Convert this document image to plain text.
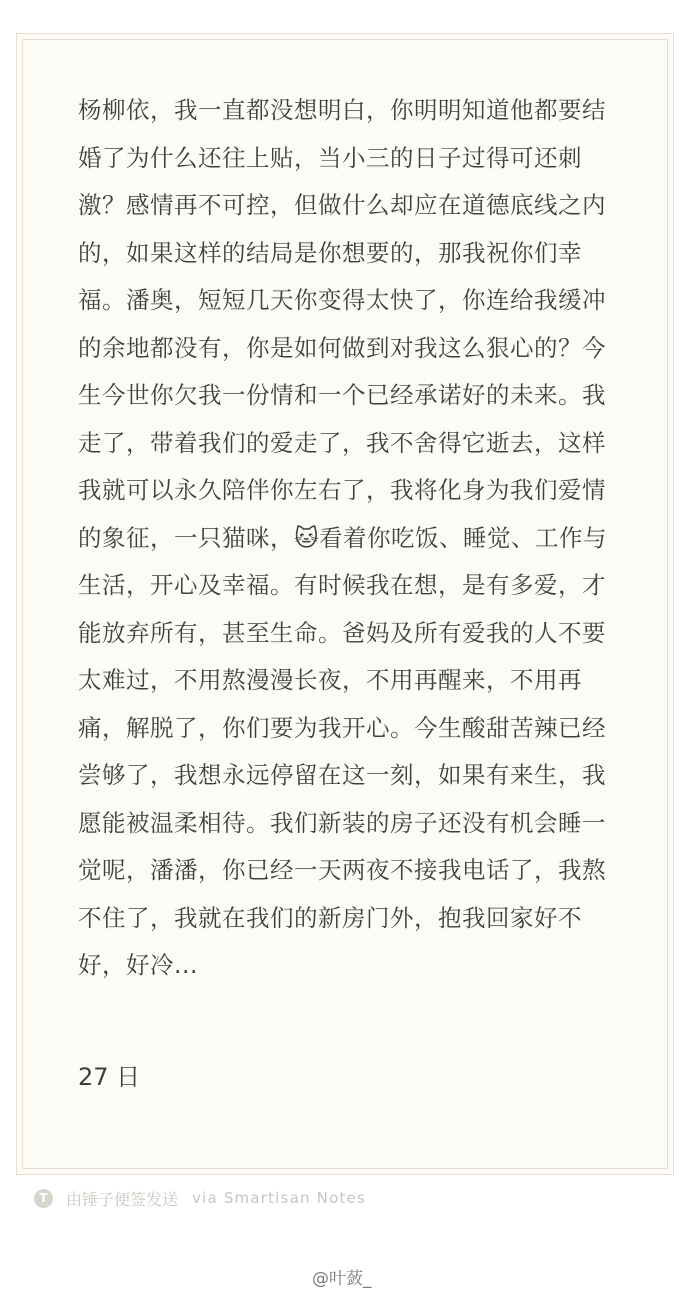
杨柳依，我一直都没想明白，你明明知道他都要结婚了为什么还往上贴，当小三的日子过得可还刺激？感情再不可控，但做什么却应在道德底线之内的，如果这样的结局是你想要的，那我祝你们幸福。潘奥，短短几天你变得太快了，你连给我缓冲的余地都没有，你是如何做到对我这么狠心的？今生今世你欠我一份情和一个已经承诺好的未来。我走了，带着我们的爱走了，我不舍得它逝去，这样我就可以永久陪伴你左右了，我将化身为我们爱情的象征，一只猫咪，🐱看着你吃饭、睡觉、工作与生活，开心及幸福。有时候我在想，是有多爱，才能放弃所有，甚至生命。爸妈及所有爱我的人不要太难过，不用熬漫漫长夜，不用再醒来，不用再痛，解脱了，你们要为我开心。今生酸甜苦辣已经尝够了，我想永远停留在这一刻，如果有来生，我愿能被温柔相待。我们新装的房子还没有机会睡一觉呢，潘潘，你已经一天两夜不接我电话了，我熬不住了，我就在我们的新房门外，抱我回家好不好，好冷...

27 日
T	由锤子便签发送 via Smartisan Notes
@叶蔹_
